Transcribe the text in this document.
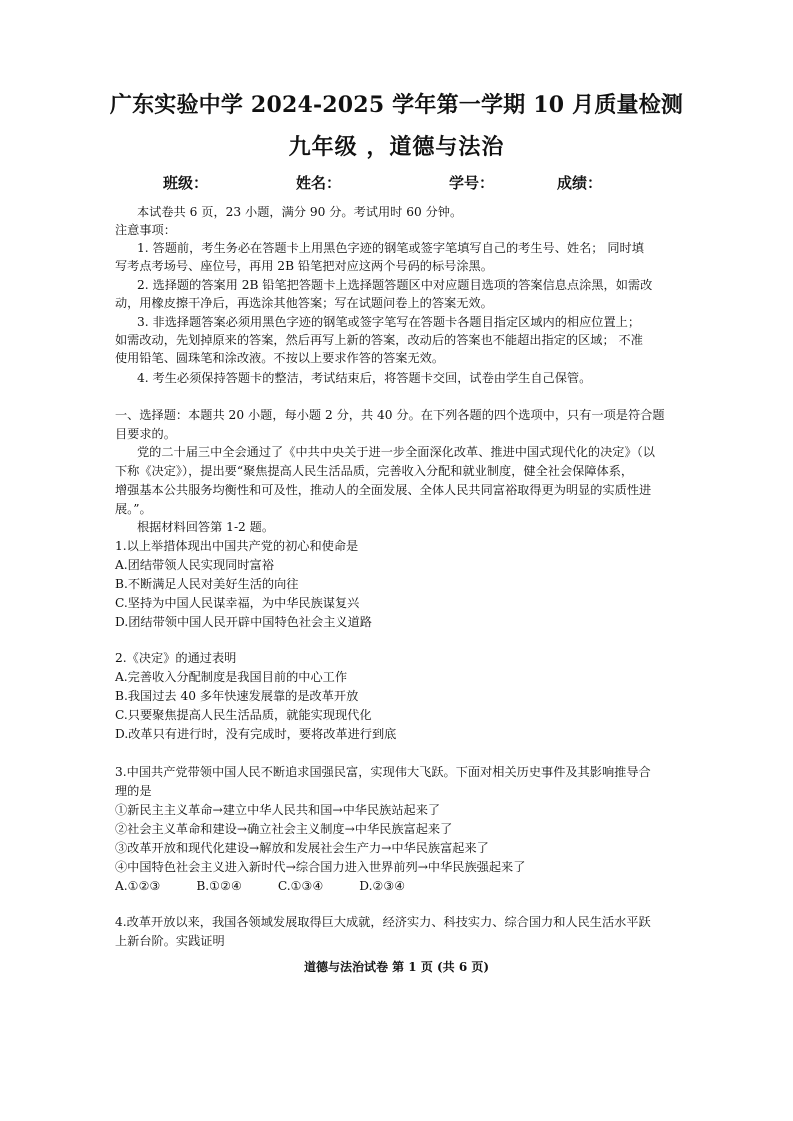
广东实验中学 2024-2025 学年第一学期 10 月质量检测
九年级 ，道德与法治
班级：	姓名：	学号：	成绩：
本试卷共 6 页，23 小题，满分 90 分。考试用时 60 分钟。
注意事项：
1. 答题前，考生务必在答题卡上用黑色字迹的钢笔或签字笔填写自己的考生号、姓名； 同时填
写考点考场号、座位号，再用 2B 铅笔把对应这两个号码的标号涂黑。
2. 选择题的答案用 2B 铅笔把答题卡上选择题答题区中对应题目选项的答案信息点涂黑，如需改
动，用橡皮擦干净后，再选涂其他答案；写在试题问卷上的答案无效。
3. 非选择题答案必须用黑色字迹的钢笔或签字笔写在答题卡各题目指定区域内的相应位置上；
如需改动，先划掉原来的答案，然后再写上新的答案，改动后的答案也不能超出指定的区域； 不准
使用铅笔、圆珠笔和涂改液。不按以上要求作答的答案无效。
4. 考生必须保持答题卡的整洁，考试结束后，将答题卡交回，试卷由学生自己保管。
一、选择题：本题共 20 小题，每小题 2 分，共 40 分。在下列各题的四个选项中，只有一项是符合题
目要求的。
党的二十届三中全会通过了《中共中央关于进一步全面深化改革、推进中国式现代化的决定》（以
下称《决定》），提出要“聚焦提高人民生活品质，完善收入分配和就业制度，健全社会保障体系，
增强基本公共服务均衡性和可及性，推动人的全面发展、全体人民共同富裕取得更为明显的实质性进
展。”。
根据材料回答第 1-2 题。
1.以上举措体现出中国共产党的初心和使命是
A.团结带领人民实现同时富裕
B.不断满足人民对美好生活的向往
C.坚持为中国人民谋幸福，为中华民族谋复兴
D.团结带领中国人民开辟中国特色社会主义道路
2.《决定》的通过表明
A.完善收入分配制度是我国目前的中心工作
B.我国过去 40 多年快速发展靠的是改革开放
C.只要聚焦提高人民生活品质，就能实现现代化
D.改革只有进行时，没有完成时，要将改革进行到底
3.中国共产党带领中国人民不断追求国强民富，实现伟大飞跃。下面对相关历史事件及其影响推导合
理的是
①新民主主义革命→建立中华人民共和国→中华民族站起来了
②社会主义革命和建设→确立社会主义制度→中华民族富起来了
③改革开放和现代化建设→解放和发展社会生产力→中华民族富起来了
④中国特色社会主义进入新时代→综合国力进入世界前列→中华民族强起来了
A.①②③	B.①②④	C.①③④	D.②③④
4.改革开放以来，我国各领域发展取得巨大成就，经济实力、科技实力、综合国力和人民生活水平跃
上新台阶。实践证明
道德与法治试卷 第 1 页 (共 6 页)
